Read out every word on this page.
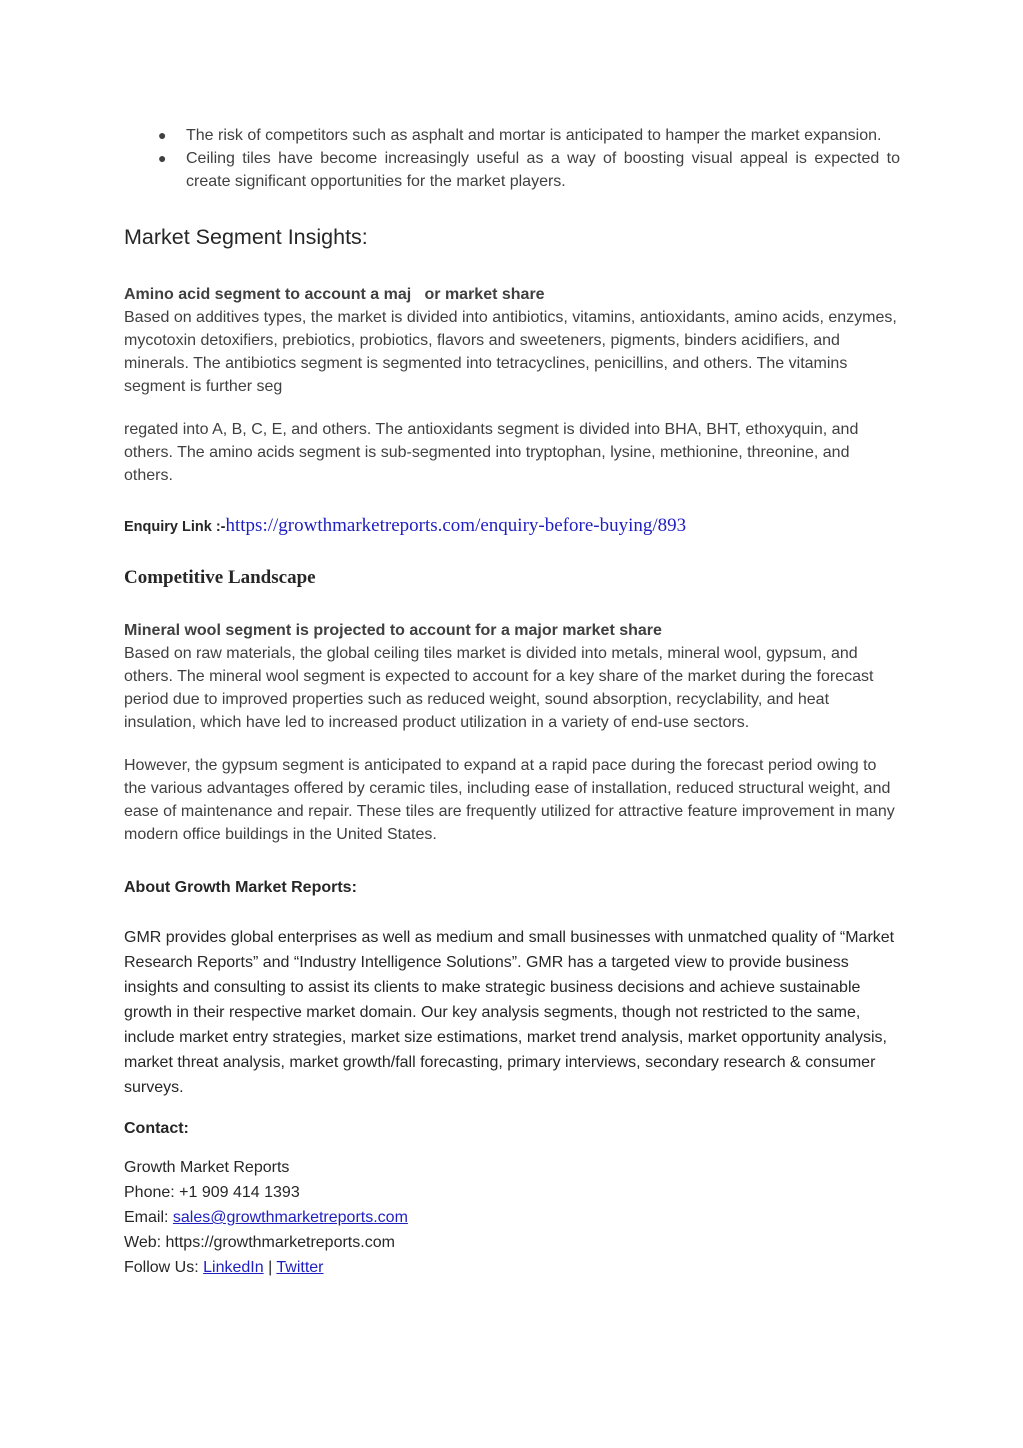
● The risk of competitors such as asphalt and mortar is anticipated to hamper the market expansion.
● Ceiling tiles have become increasingly useful as a way of boosting visual appeal is expected to create significant opportunities for the market players.
Market Segment Insights:
Amino acid segment to account a maj   or market share

Based on additives types, the market is divided into antibiotics, vitamins, antioxidants, amino acids, enzymes, mycotoxin detoxifiers, prebiotics, probiotics, flavors and sweeteners, pigments, binders acidifiers, and minerals. The antibiotics segment is segmented into tetracyclines, penicillins, and others. The vitamins segment is further seg

regated into A, B, C, E, and others. The antioxidants segment is divided into BHA, BHT, ethoxyquin, and others. The amino acids segment is sub-segmented into tryptophan, lysine, methionine, threonine, and others.

Enquiry Link :-https://growthmarketreports.com/enquiry-before-buying/893
Competitive Landscape
Mineral wool segment is projected to account for a major market share

Based on raw materials, the global ceiling tiles market is divided into metals, mineral wool, gypsum, and others. The mineral wool segment is expected to account for a key share of the market during the forecast period due to improved properties such as reduced weight, sound absorption, recyclability, and heat insulation, which have led to increased product utilization in a variety of end-use sectors.

However, the gypsum segment is anticipated to expand at a rapid pace during the forecast period owing to the various advantages offered by ceramic tiles, including ease of installation, reduced structural weight, and ease of maintenance and repair. These tiles are frequently utilized for attractive feature improvement in many modern office buildings in the United States.

About Growth Market Reports:

GMR provides global enterprises as well as medium and small businesses with unmatched quality of “Market Research Reports” and “Industry Intelligence Solutions”. GMR has a targeted view to provide business insights and consulting to assist its clients to make strategic business decisions and achieve sustainable growth in their respective market domain. Our key analysis segments, though not restricted to the same, include market entry strategies, market size estimations, market trend analysis, market opportunity analysis, market threat analysis, market growth/fall forecasting, primary interviews, secondary research & consumer surveys.

Contact:
Growth Market Reports
Phone: +1 909 414 1393
Email: sales@growthmarketreports.com
Web: https://growthmarketreports.com
Follow Us: LinkedIn | Twitter
